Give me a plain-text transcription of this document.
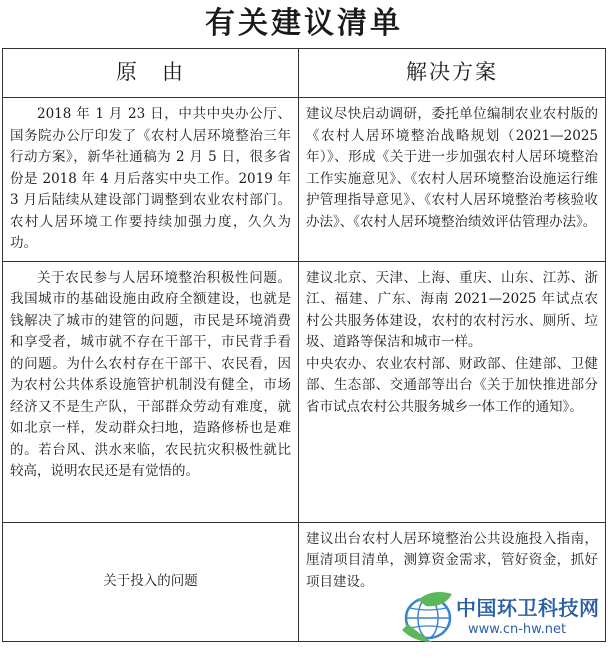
有关建议清单
原　由	解决方案

2018 年 1 月 23 日，中共中央办公厅、国务院办公厅印发了《农村人居环境整治三年行动方案》，新华社通稿为 2 月 5 日，很多省份是 2018 年 4 月后落实中央工作。2019 年 3 月后陆续从建设部门调整到农业农村部门。农村人居环境工作要持续加强力度，久久为功。	建议尽快启动调研，委托单位编制农业农村版的《农村人居环境整治战略规划（2021—2025 年）》、形成《关于进一步加强农村人居环境整治工作实施意见》、《农村人居环境整治设施运行维护管理指导意见》、《农村人居环境整治考核验收办法》、《农村人居环境整治绩效评估管理办法》。

关于农民参与人居环境整治积极性问题。我国城市的基础设施由政府全额建设，也就是钱解决了城市的建管的问题，市民是环境消费和享受者，城市就不存在干部干，市民背手看的问题。为什么农村存在干部干、农民看，因为农村公共体系设施管护机制没有健全，市场经济又不是生产队，干部群众劳动有难度，就如北京一样，发动群众扫地，造路修桥也是难的。若台风、洪水来临，农民抗灾积极性就比较高，说明农民还是有觉悟的。	建议北京、天津、上海、重庆、山东、江苏、浙江、福建、广东、海南 2021—2025 年试点农村公共服务体建设，农村的农村污水、厕所、垃圾、道路等保洁和城市一样。

中央农办、农业农村部、财政部、住建部、卫健部、生态部、交通部等出台《关于加快推进部分省市试点农村公共服务城乡一体工作的通知》。

关于投入的问题	建议出台农村人居环境整治公共设施投入指南，厘清项目清单，测算资金需求，管好资金，抓好项目建设。

中国环卫科技网
www.cn-hw.net
